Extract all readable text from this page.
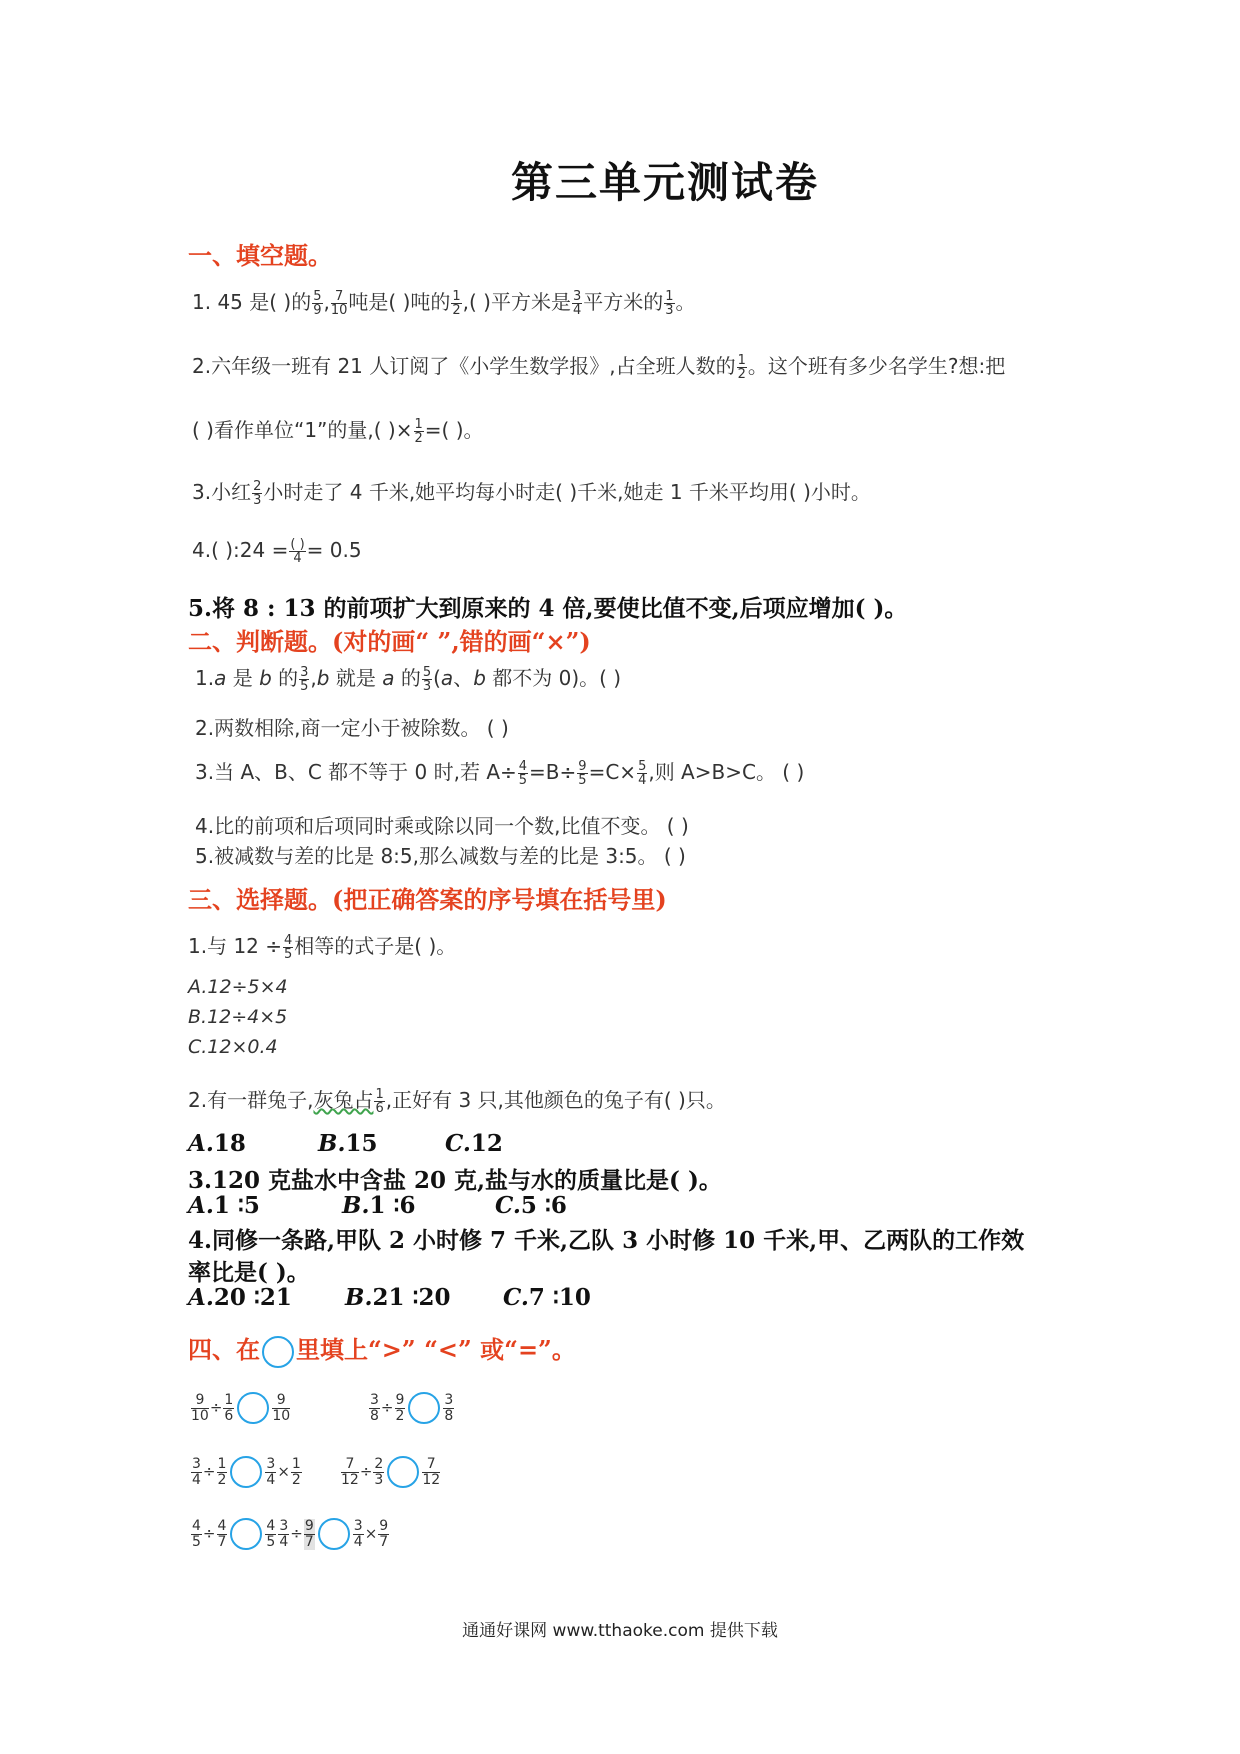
第三单元测试卷
一、填空题。
1. 45 是( )的 $\frac{5}{9}$ , $\frac{7}{10}$ 吨是( )吨的 $\frac{1}{2}$ ,( )平方米是 $\frac{3}{4}$ 平方米的 $\frac{1}{3}$ 。
2.六年级一班有 21 人订阅了《小学生数学报》,占全班人数的 $\frac{1}{2}$ 。这个班有多少名学生?想:把
( )看作单位“1”的量,( )× $\frac{1}{2}$ =( )。
3.小红 $\frac{2}{3}$ 小时走了 4 千米,她平均每小时走( )千米,她走 1 千米平均用( )小时。
4.( ):24 = $\frac{( )}{4} = 0.5$
5.将 8 : 13 的前项扩大到原来的 4 倍,要使比值不变,后项应增加( )。
二、判断题。(对的画“ ”,错的画“×”)
1.a 是 b 的 $\frac{3}{5} ,b$ 就是 a 的 $\frac{5}{3} (a$、b 都不为 0)。( )
2.两数相除,商一定小于被除数。 ( )
3.当 A、B、C 都不等于 0 时,若 $A\div \frac{4}{5} =B\div \frac{9}{5} =C\times \frac{5}{4}$ ,则 A>B>C。 ( )
4.比的前项和后项同时乘或除以同一个数,比值不变。 ( )
5.被减数与差的比是 8:5,那么减数与差的比是 3:5。 ( )
三、选择题。(把正确答案的序号填在括号里)
1.与 $12 \div \frac{4}{5}$ 相等的式子是( )。
A.12÷5×4
B.12÷4×5
C.12×0.4
2.有一群兔子,灰兔占 $\frac{1}{6}$ ,正好有 3 只,其他颜色的兔子有( )只。
A.18	B.15	C.12
3.120 克盐水中含盐 20 克,盐与水的质量比是( )。
A.1 ∶5	B.1 ∶6	C.5 ∶6
4.同修一条路,甲队 2 小时修 7 千米,乙队 3 小时修 10 千米,甲、乙两队的工作效
率比是( )。
A.20 ∶21 B.21 ∶20 C.7 ∶10
四、在 里填上“>” “<” 或“=”。
$\frac{9}{10} \div \frac{1}{6}$	$\frac{9}{10}$	$\frac{3}{8} \div \frac{9}{2}$	$\frac{3}{8}$
$\frac{3}{4} \div \frac{1}{2}$	$\frac{3}{4} \times \frac{1}{2}$	$\frac{7}{12} \div \frac{2}{3}$	$\frac{7}{12}$
$\frac{4}{5} \div \frac{4}{7}$	$\frac{4}{5} \frac{3}{4} \div \frac{9}{7}$	$\frac{3}{4} \times \frac{9}{7}$
通通好课网 www.tthaoke.com 提供下载
